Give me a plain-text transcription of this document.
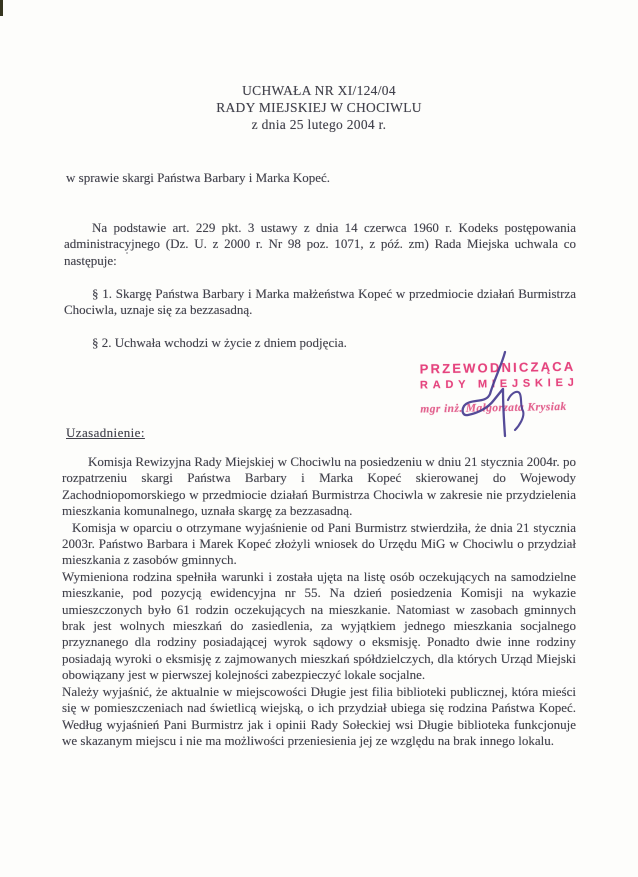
UCHWAŁA NR XI/124/04
RADY MIEJSKIEJ W CHOCIWLU
z dnia 25 lutego 2004 r.

w sprawie skargi Państwa Barbary i Marka Kopeć.

Na podstawie art. 229 pkt. 3 ustawy z dnia 14 czerwca 1960 r. Kodeks postępowania administracyjnego (Dz. U. z 2000 r. Nr 98 poz. 1071, z póź. zm) Rada Miejska uchwala co następuje:

§ 1. Skargę Państwa Barbary i Marka małżeństwa Kopeć w przedmiocie działań Burmistrza Chociwla, uznaje się za bezzasadną.

§ 2. Uchwała wchodzi w życie z dniem podjęcia.

PRZEWODNICZĄCA
RADY MIEJSKIEJ
mgr inż. Małgorzata Krysiak
Uzasadnienie:

Komisja Rewizyjna Rady Miejskiej w Chociwlu na posiedzeniu w dniu 21 stycznia 2004r. po rozpatrzeniu skargi Państwa Barbary i Marka Kopeć skierowanej do Wojewody Zachodniopomorskiego w przedmiocie działań Burmistrza Chociwla w zakresie nie przydzielenia mieszkania komunalnego, uznała skargę za bezzasadną.

Komisja w oparciu o otrzymane wyjaśnienie od Pani Burmistrz stwierdziła, że dnia 21 stycznia 2003r. Państwo Barbara i Marek Kopeć złożyli wniosek do Urzędu MiG w Chociwlu o przydział mieszkania z zasobów gminnych.

Wymieniona rodzina spełniła warunki i została ujęta na listę osób oczekujących na samodzielne mieszkanie, pod pozycją ewidencyjna nr 55. Na dzień posiedzenia Komisji na wykazie umieszczonych było 61 rodzin oczekujących na mieszkanie. Natomiast w zasobach gminnych brak jest wolnych mieszkań do zasiedlenia, za wyjątkiem jednego mieszkania socjalnego przyznanego dla rodziny posiadającej wyrok sądowy o eksmisję. Ponadto dwie inne rodziny posiadają wyroki o eksmisję z zajmowanych mieszkań spółdzielczych, dla których Urząd Miejski obowiązany jest w pierwszej kolejności zabezpieczyć lokale socjalne.

Należy wyjaśnić, że aktualnie w miejscowości Długie jest filia biblioteki publicznej, która mieści się w pomieszczeniach nad świetlicą wiejską, o ich przydział ubiega się rodzina Państwa Kopeć. Według wyjaśnień Pani Burmistrz jak i opinii Rady Sołeckiej wsi Długie biblioteka funkcjonuje we skazanym miejscu i nie ma możliwości przeniesienia jej ze względu na brak innego lokalu.
